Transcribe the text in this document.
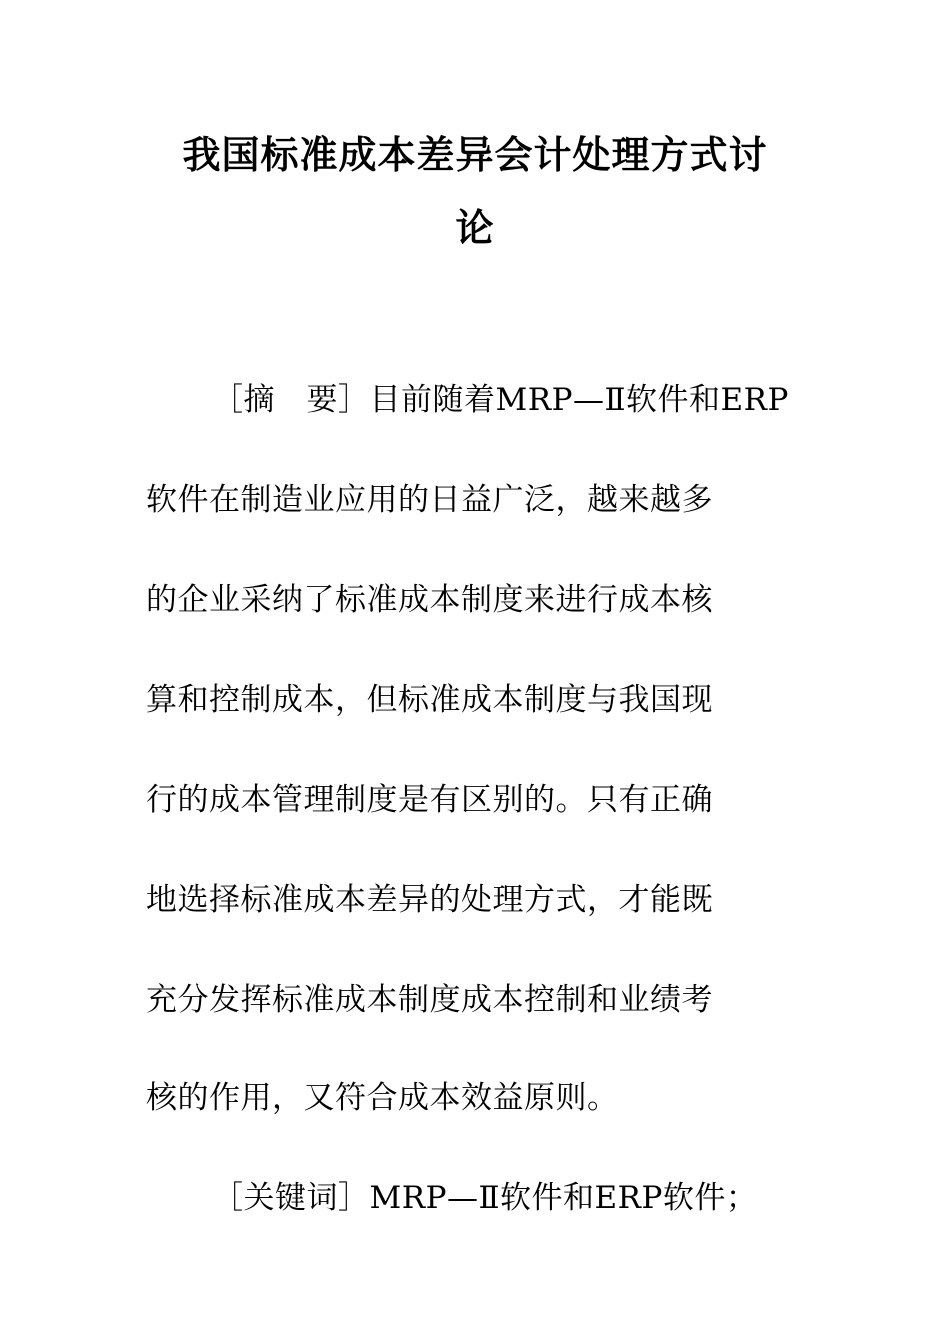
我国标准成本差异会计处理方式讨
论
［摘　要］目前随着MRP—Ⅱ软件和ERP
软件在制造业应用的日益广泛，越来越多
的企业采纳了标准成本制度来进行成本核
算和控制成本，但标准成本制度与我国现
行的成本管理制度是有区别的。只有正确
地选择标准成本差异的处理方式，才能既
充分发挥标准成本制度成本控制和业绩考
核的作用，又符合成本效益原则。
［关键词］MRP—Ⅱ软件和ERP软件；
